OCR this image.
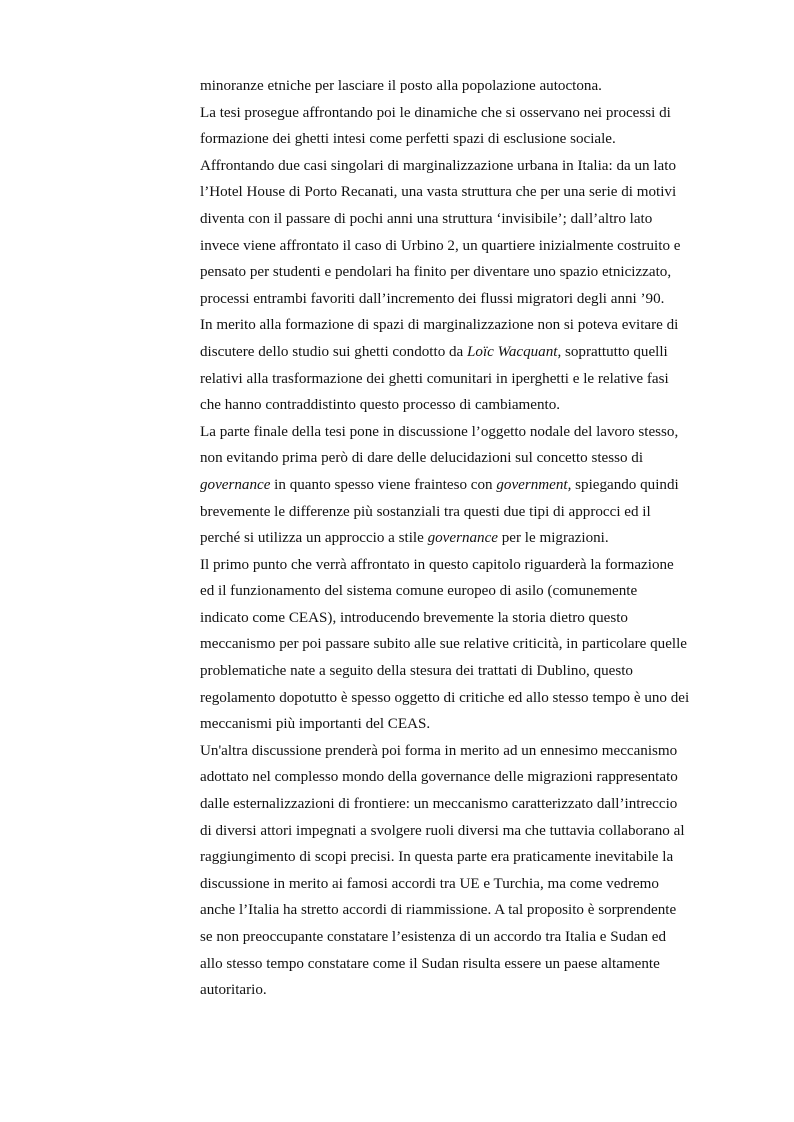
minoranze etniche per lasciare il posto alla popolazione autoctona.
La tesi prosegue affrontando poi le dinamiche che si osservano nei processi di
formazione dei ghetti intesi come perfetti spazi di esclusione sociale.
Affrontando due casi singolari di marginalizzazione urbana in Italia: da un lato
l’Hotel House di Porto Recanati, una vasta struttura che per una serie di motivi
diventa con il passare di pochi anni una struttura ‘invisibile’; dall’altro lato
invece viene affrontato il caso di Urbino 2, un quartiere inizialmente costruito e
pensato per studenti e pendolari ha finito per diventare uno spazio etnicizzato,
processi entrambi favoriti dall’incremento dei flussi migratori degli anni ’90.
In merito alla formazione di spazi di marginalizzazione non si poteva evitare di
discutere dello studio sui ghetti condotto da Loïc Wacquant, soprattutto quelli
relativi alla trasformazione dei ghetti comunitari in iperghetti e le relative fasi
che hanno contraddistinto questo processo di cambiamento.
La parte finale della tesi pone in discussione l’oggetto nodale del lavoro stesso,
non evitando prima però di dare delle delucidazioni sul concetto stesso di
governance in quanto spesso viene frainteso con government, spiegando quindi
brevemente le differenze più sostanziali tra questi due tipi di approcci ed il
perché si utilizza un approccio a stile governance per le migrazioni.
Il primo punto che verrà affrontato in questo capitolo riguarderà la formazione
ed il funzionamento del sistema comune europeo di asilo (comunemente
indicato come CEAS), introducendo brevemente la storia dietro questo
meccanismo per poi passare subito alle sue relative criticità, in particolare quelle
problematiche nate a seguito della stesura dei trattati di Dublino, questo
regolamento dopotutto è spesso oggetto di critiche ed allo stesso tempo è uno dei
meccanismi più importanti del CEAS.
Un'altra discussione prenderà poi forma in merito ad un ennesimo meccanismo
adottato nel complesso mondo della governance delle migrazioni rappresentato
dalle esternalizzazioni di frontiere: un meccanismo caratterizzato dall’intreccio
di diversi attori impegnati a svolgere ruoli diversi ma che tuttavia collaborano al
raggiungimento di scopi precisi. In questa parte era praticamente inevitabile la
discussione in merito ai famosi accordi tra UE e Turchia, ma come vedremo
anche l’Italia ha stretto accordi di riammissione. A tal proposito è sorprendente
se non preoccupante constatare l’esistenza di un accordo tra Italia e Sudan ed
allo stesso tempo constatare come il Sudan risulta essere un paese altamente
autoritario.
